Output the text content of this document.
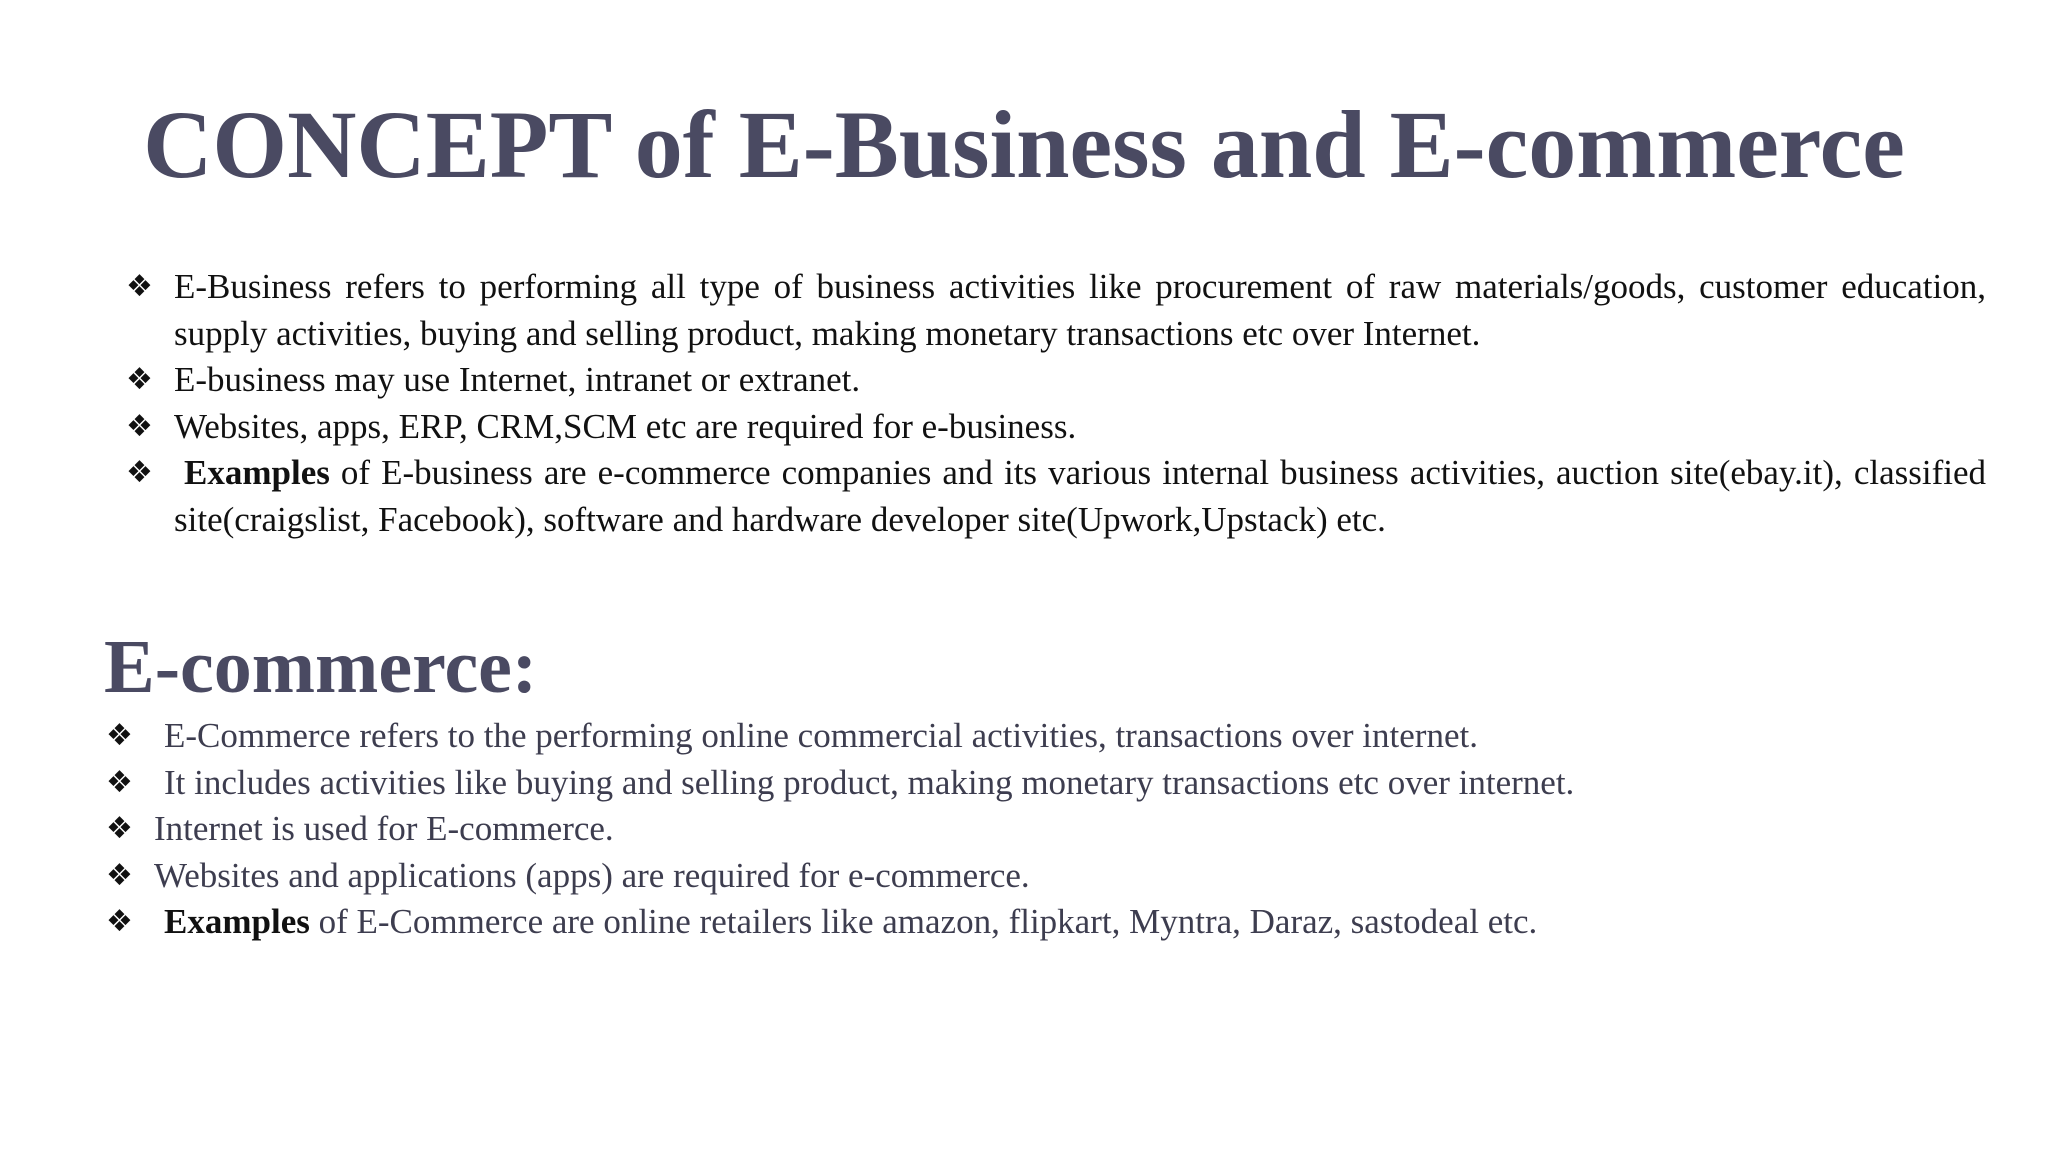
CONCEPT of E-Business and E-commerce
❖ E-Business refers to performing all type of business activities like procurement of raw materials/goods, customer education, supply activities, buying and selling product, making monetary transactions etc over Internet.
❖ E-business may use Internet, intranet or extranet.
❖ Websites, apps, ERP, CRM,SCM etc are required for e-business.
❖ Examples of E-business are e-commerce companies and its various internal business activities, auction site(ebay.it), classified site(craigslist, Facebook), software and hardware developer site(Upwork,Upstack) etc.
E-commerce:
❖ E-Commerce refers to the performing online commercial activities, transactions over internet.
❖ It includes activities like buying and selling product, making monetary transactions etc over internet.
❖ Internet is used for E-commerce.
❖ Websites and applications (apps) are required for e-commerce.
❖ Examples of E-Commerce are online retailers like amazon, flipkart, Myntra, Daraz, sastodeal etc.
